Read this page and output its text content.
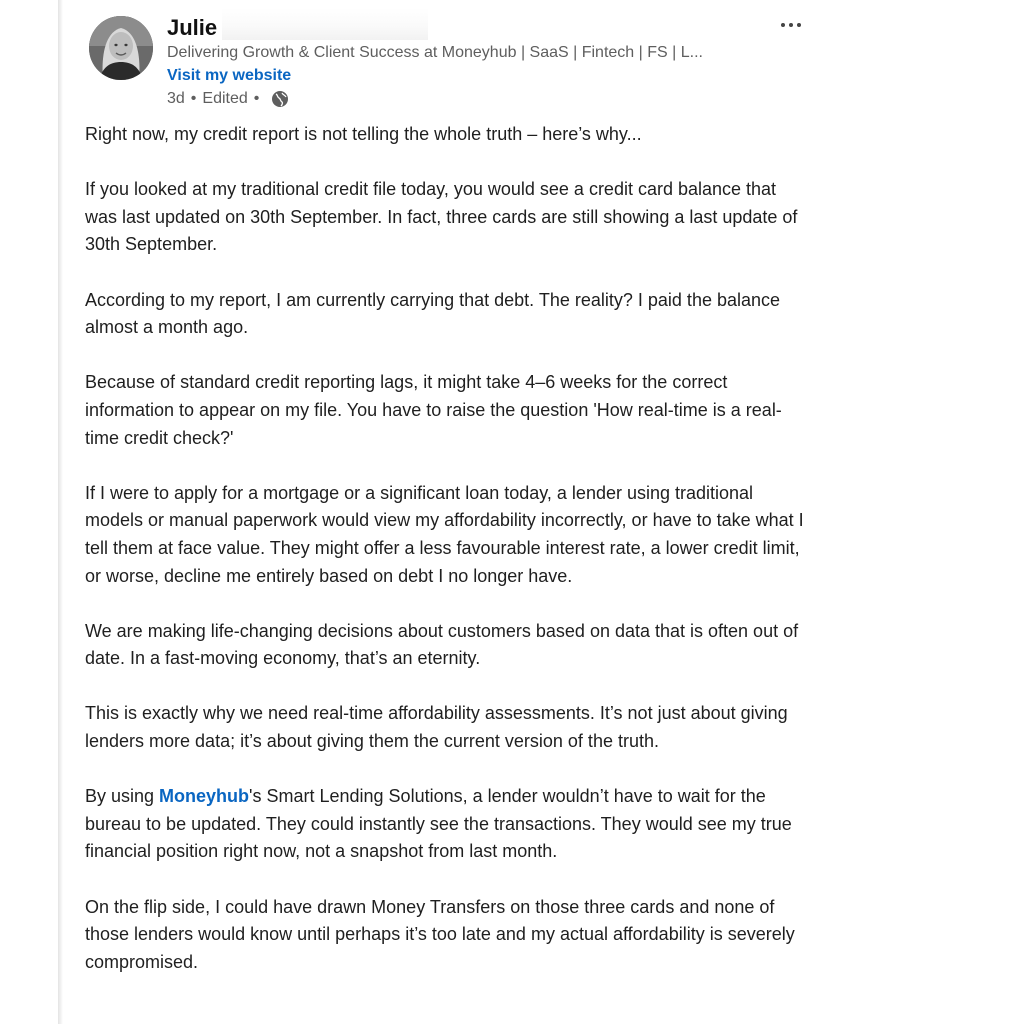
Julie
Delivering Growth & Client Success at Moneyhub | SaaS | Fintech | FS | L...
Visit my website
3d • Edited •

Right now, my credit report is not telling the whole truth – here’s why...

If you looked at my traditional credit file today, you would see a credit card balance that was last updated on 30th September. In fact, three cards are still showing a last update of 30th September.

According to my report, I am currently carrying that debt. The reality? I paid the balance almost a month ago.

Because of standard credit reporting lags, it might take 4–6 weeks for the correct information to appear on my file. You have to raise the question 'How real-time is a real-time credit check?'

If I were to apply for a mortgage or a significant loan today, a lender using traditional models or manual paperwork would view my affordability incorrectly, or have to take what I tell them at face value. They might offer a less favourable interest rate, a lower credit limit, or worse, decline me entirely based on debt I no longer have.

We are making life-changing decisions about customers based on data that is often out of date. In a fast-moving economy, that’s an eternity.

This is exactly why we need real-time affordability assessments. It’s not just about giving lenders more data; it’s about giving them the current version of the truth.

By using Moneyhub's Smart Lending Solutions, a lender wouldn’t have to wait for the bureau to be updated. They could instantly see the transactions. They would see my true financial position right now, not a snapshot from last month.

On the flip side, I could have drawn Money Transfers on those three cards and none of those lenders would know until perhaps it’s too late and my actual affordability is severely compromised.
